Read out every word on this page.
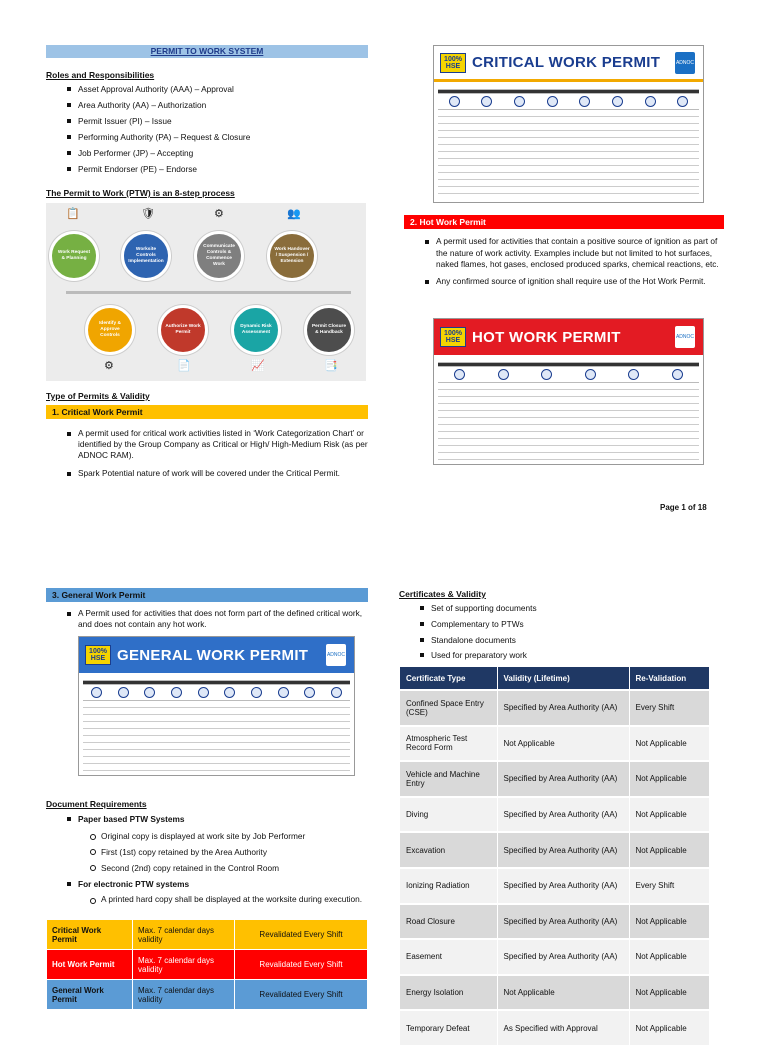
PERMIT TO WORK SYSTEM
Roles and Responsibilities
Asset Approval Authority (AAA) – Approval
Area Authority (AA) – Authorization
Permit Issuer (PI) – Issue
Performing Authority (PA) – Request & Closure
Job Performer (JP) – Accepting
Permit Endorser (PE) – Endorse
The Permit to Work (PTW) is an 8-step process
📋	🛡	⚙	👥
Work Request & Planning
Worksite Controls Implementation
Communicate Controls & Commence Work
Work Handover / Suspension / Extension
Identify & Approve Controls
Authorize Work Permit
Dynamic Risk Assessment
Permit Closure & Handback
⚙	📄	📈	📑
Type of Permits & Validity
1. Critical Work Permit
A permit used for critical work activities listed in ‘Work Categorization Chart’ or identified by the Group Company as Critical or High/ High-Medium Risk (as per ADNOC RAM).
Spark Potential nature of work will be covered under the Critical Permit.
100% HSE CRITICAL WORK PERMIT	ADNOC
2. Hot Work Permit
A permit used for activities that contain a positive source of ignition as part of the nature of work activity. Examples include but not limited to hot surfaces, naked flames, hot gases, enclosed produced sparks, chemical reactions, etc.
Any confirmed source of ignition shall require use of the Hot Work Permit.
100% HSE HOT WORK PERMIT	ADNOC
Page 1 of 18
3. General Work Permit
A Permit used for activities that does not form part of the defined critical work, and does not contain any hot work.
100% HSE GENERAL WORK PERMIT	ADNOC
Document Requirements
Paper based PTW Systems
Original copy is displayed at work site by Job Performer
First (1st) copy retained by the Area Authority
Second (2nd) copy retained in the Control Room
For electronic PTW systems
A printed hard copy shall be displayed at the worksite during execution.
Critical Work Permit	Max. 7 calendar days validity	Revalidated Every Shift
Hot Work Permit	Max. 7 calendar days validity	Revalidated Every Shift
General Work Permit	Max. 7 calendar days validity	Revalidated Every Shift
Certificates & Validity
Set of supporting documents
Complementary to PTWs
Standalone documents
Used for preparatory work
Certificate Type	Validity (Lifetime)	Re-Validation
Confined Space Entry (CSE)	Specified by Area Authority (AA)	Every Shift
Atmospheric Test Record Form	Not Applicable	Not Applicable
Vehicle and Machine Entry	Specified by Area Authority (AA)	Not Applicable
Diving	Specified by Area Authority (AA)	Not Applicable
Excavation	Specified by Area Authority (AA)	Not Applicable
Ionizing Radiation	Specified by Area Authority (AA)	Every Shift
Road Closure	Specified by Area Authority (AA)	Not Applicable
Easement	Specified by Area Authority (AA)	Not Applicable
Energy Isolation	Not Applicable	Not Applicable
Temporary Defeat	As Specified with Approval	Not Applicable
